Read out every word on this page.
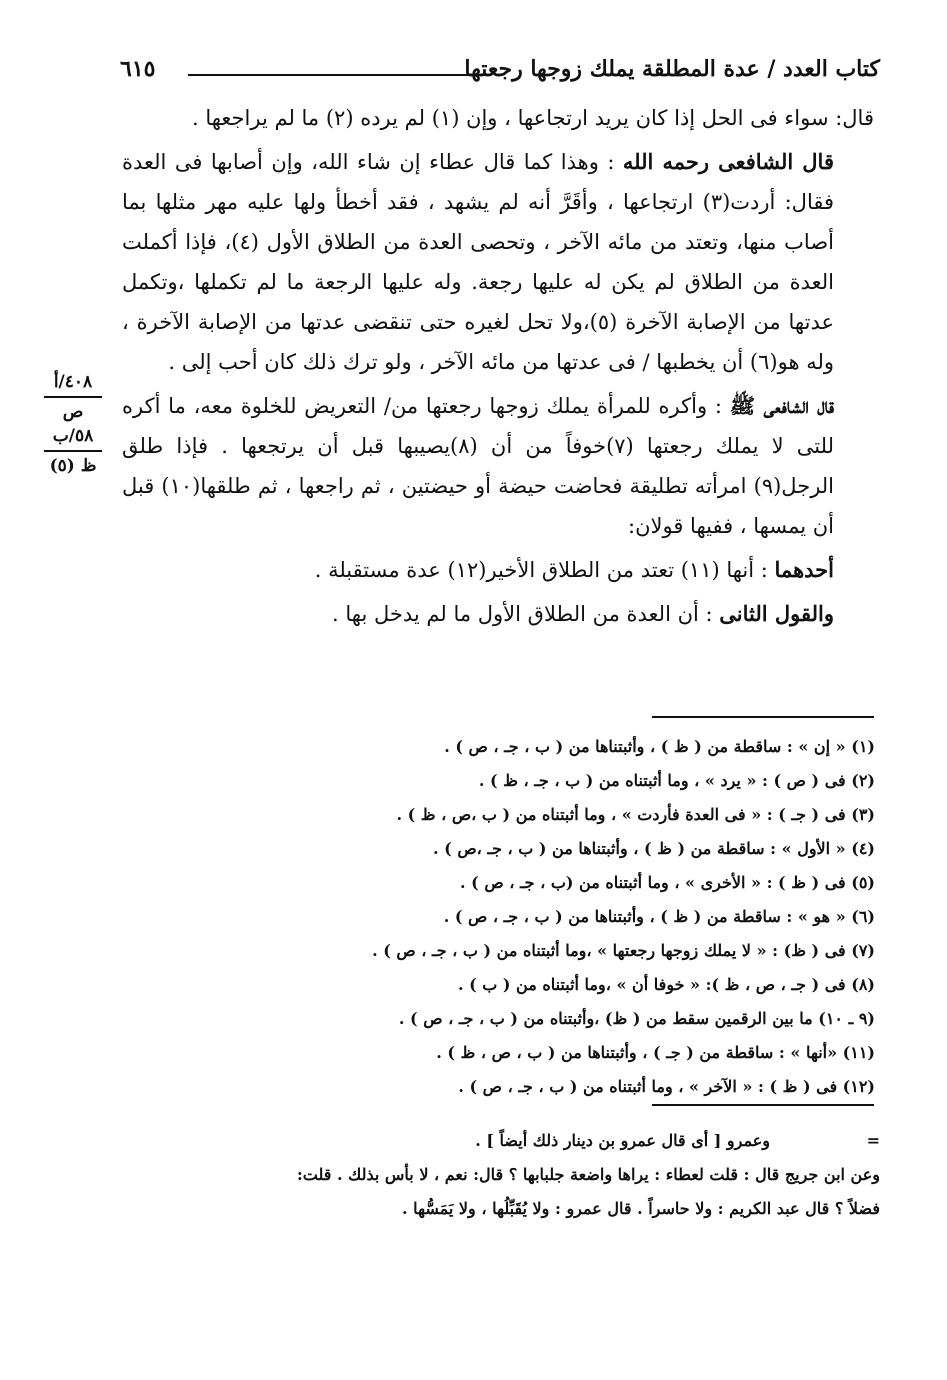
كتاب العدد / عدة المطلقة يملك زوجها رجعتها
٦١٥
٤٠٨/أ
ص
٥٨/ب
ظ (٥)

قال: سواء فى الحل إذا كان يريد ارتجاعها ، وإن (١) لم يرده (٢) ما لم يراجعها .

قال الشافعى رحمه الله : وهذا كما قال عطاء إن شاء الله، وإن أصابها فى العدة فقال: أردت(٣) ارتجاعها ، وأقَرَّ أنه لم يشهد ، فقد أخطأ ولها عليه مهر مثلها بما أصاب منها، وتعتد من مائه الآخر ، وتحصى العدة من الطلاق الأول (٤)، فإذا أكملت العدة من الطلاق لم يكن له عليها رجعة. وله عليها الرجعة ما لم تكملها ،وتكمل عدتها من الإصابة الآخرة (٥)،ولا تحل لغيره حتى تنقضى عدتها من الإصابة الآخرة ، وله هو(٦) أن يخطبها / فى عدتها من مائه الآخر ، ولو ترك ذلك كان أحب إلى .

قال الشافعى ﷺ : وأكره للمرأة يملك زوجها رجعتها من/ التعريض للخلوة معه، ما أكره للتى لا يملك رجعتها (٧)خوفاً من أن (٨)يصيبها قبل أن يرتجعها . فإذا طلق الرجل(٩) امرأته تطليقة فحاضت حيضة أو حيضتين ، ثم راجعها ، ثم طلقها(١٠) قبل أن يمسها ، ففيها قولان:

أحدهما : أنها (١١) تعتد من الطلاق الأخير(١٢) عدة مستقبلة .

والقول الثانى : أن العدة من الطلاق الأول ما لم يدخل بها .

(١) « إن » : ساقطة من ( ظ ) ، وأثبتناها من ( ب ، جـ ، ص ) .
(٢) فى ( ص ) : « يرد » ، وما أثبتناه من ( ب ، جـ ، ظ ) .
(٣) فى ( جـ ) : « فى العدة فأردت » ، وما أثبتناه من ( ب ،ص ، ظ ) .
(٤) « الأول » : ساقطة من ( ظ ) ، وأثبتناها من ( ب ، جـ ،ص ) .
(٥) فى ( ظ ) : « الأخرى » ، وما أثبتناه من (ب ، جـ ، ص ) .
(٦) « هو » : ساقطة من ( ظ ) ، وأثبتناها من ( ب ، جـ ، ص ) .
(٧) فى ( ظ) : « لا يملك زوجها رجعتها » ،وما أثبتناه من ( ب ، جـ ، ص ) .
(٨) فى ( جـ ، ص ، ظ ): « خوفا أن » ،وما أثبتناه من ( ب ) .
(٩ ـ ١٠) ما بين الرقمين سقط من ( ظ) ،وأثبتناه من ( ب ، جـ ، ص ) .
(١١) «أنها » : ساقطة من ( جـ ) ، وأثبتناها من ( ب ، ص ، ظ ) .
(١٢) فى ( ظ ) : « الآخر » ، وما أثبتناه من ( ب ، جـ ، ص ) .
=
وعمرو [ أى قال عمرو بن دينار ذلك أيضاً ] .
وعن ابن جريج قال : قلت لعطاء : يراها واضعة جلبابها ؟ قال: نعم ، لا بأس بذلك . قلت:
فضلاً ؟ قال عبد الكريم : ولا حاسراً . قال عمرو : ولا يُقَبِّلُها ، ولا يَمَسُّها .
